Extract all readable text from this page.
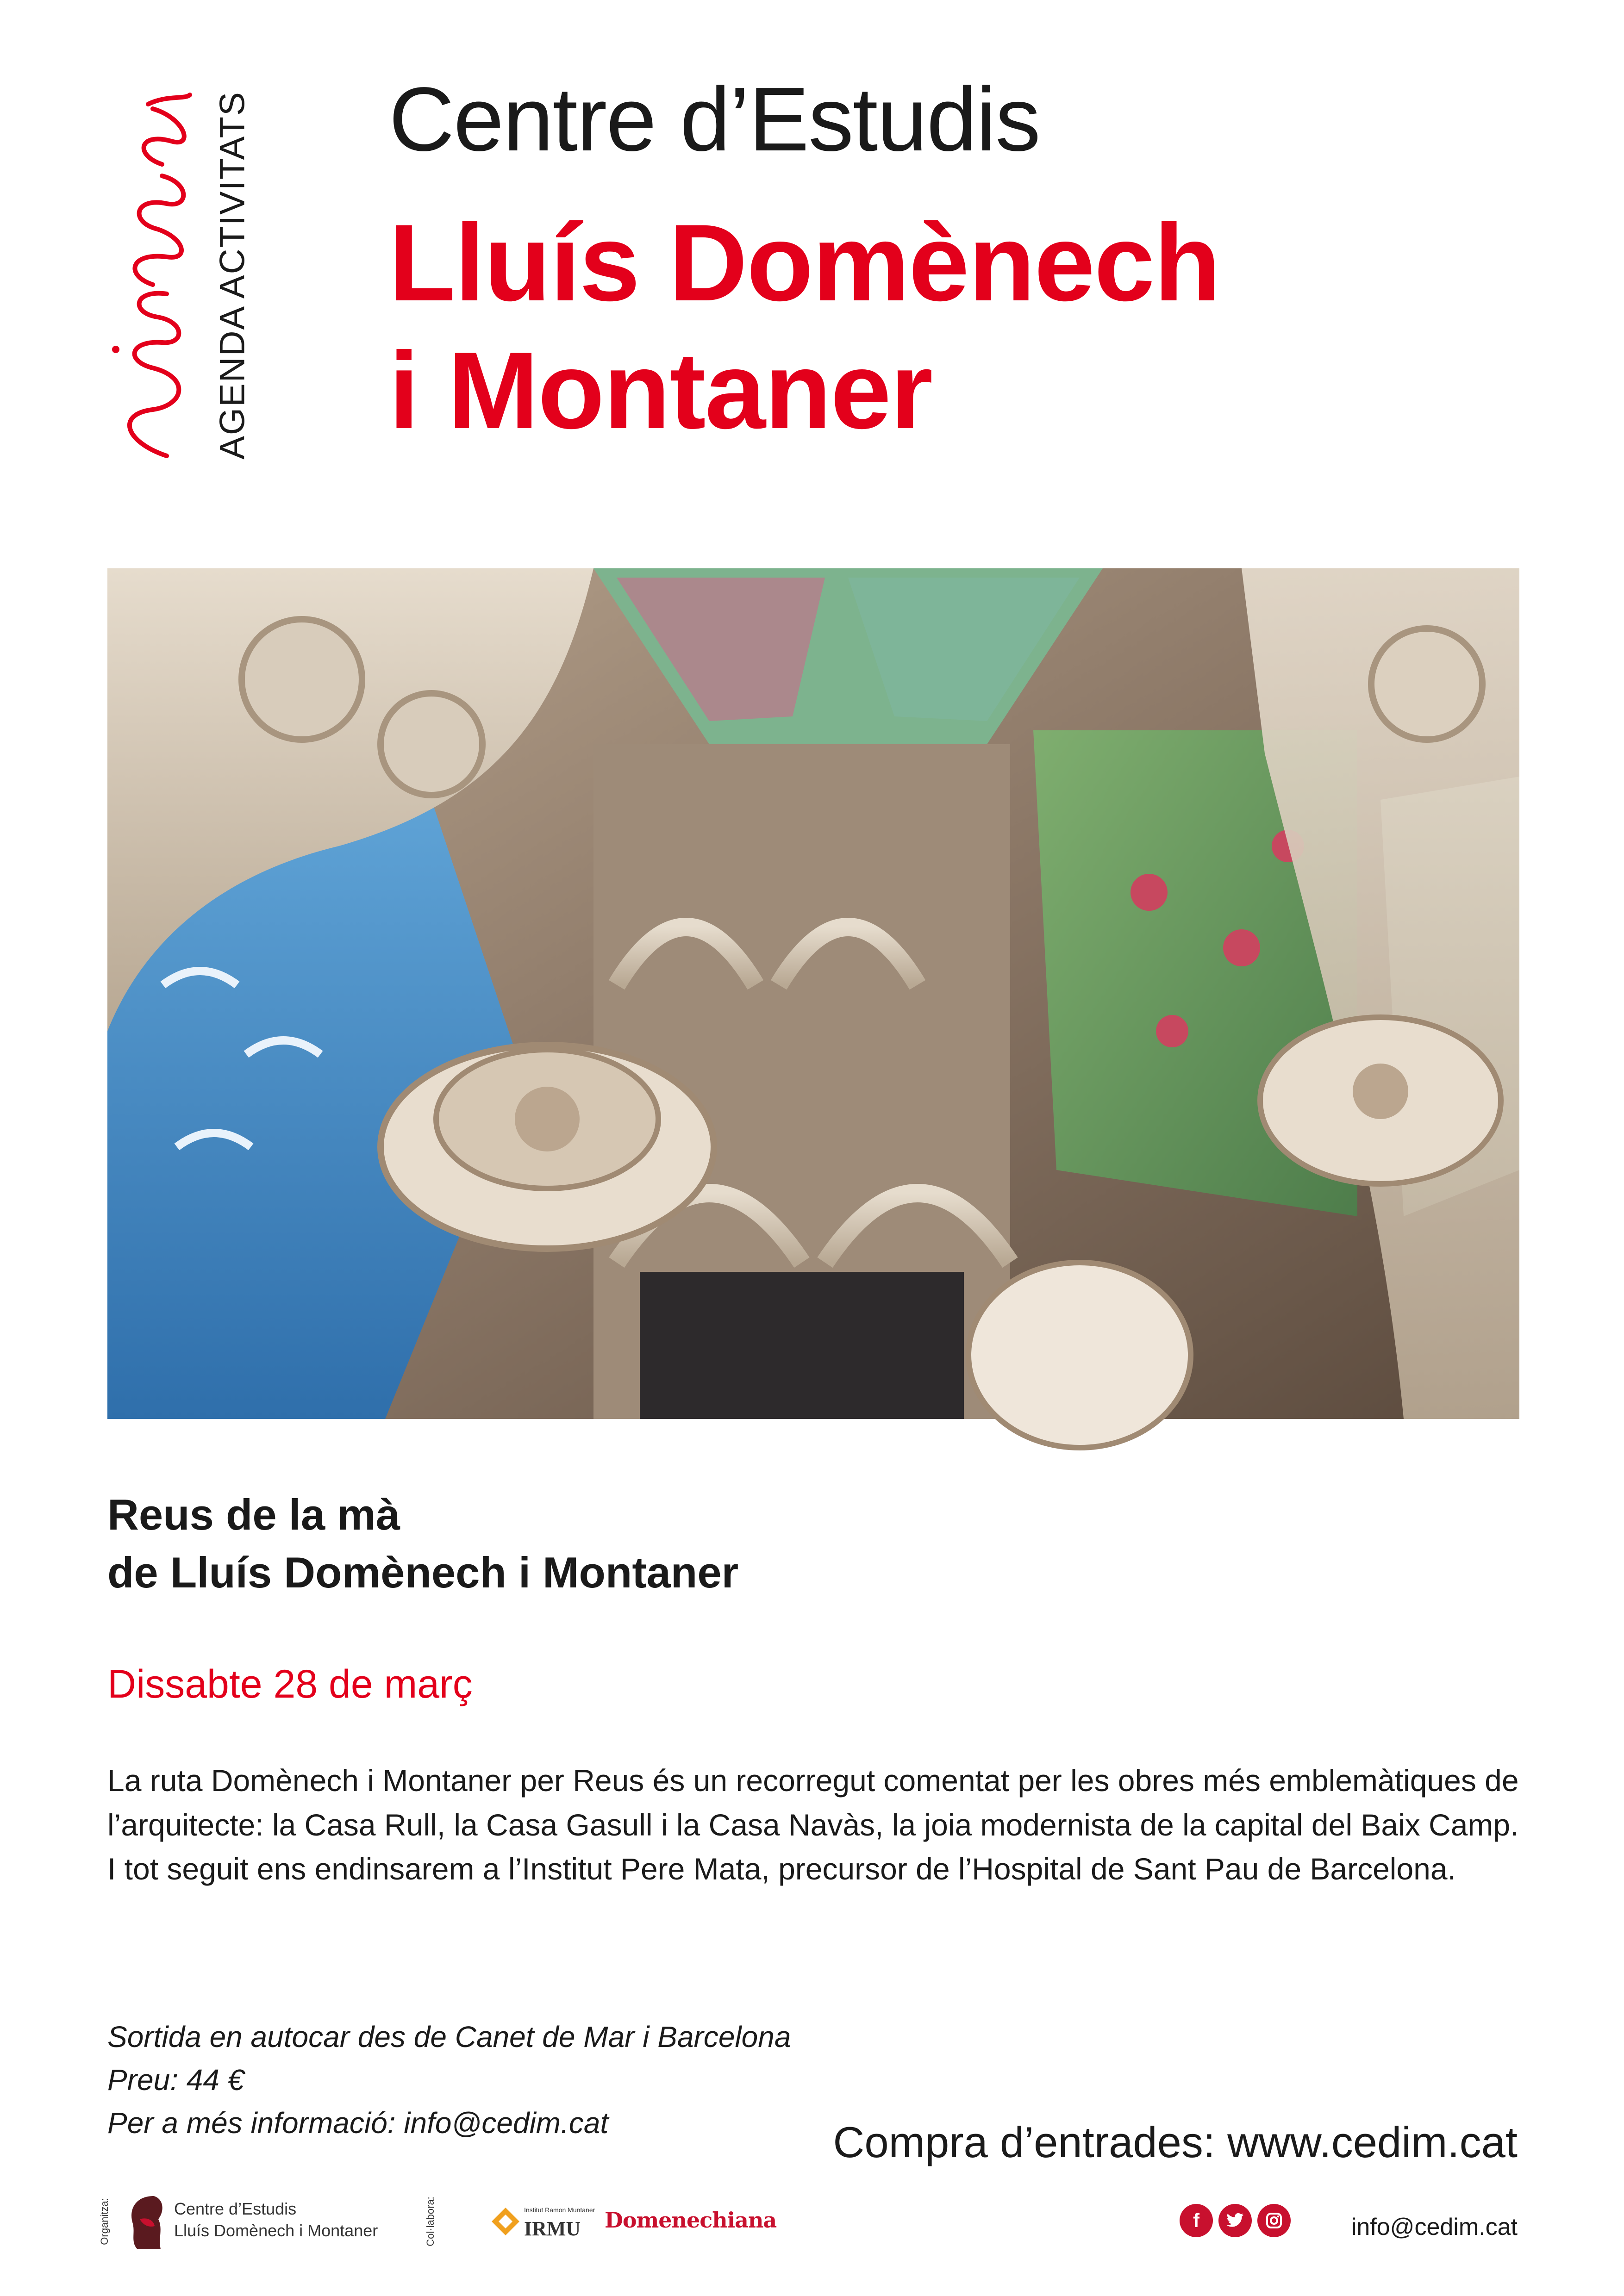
AGENDA ACTIVITATS Centre d’Estudis
Lluís Domènech
i Montaner
Reus de la mà
de Lluís Domènech i Montaner
Dissabte 28 de març

La ruta Domènech i Montaner per Reus és un recorregut comentat per les obres més emblemàtiques de l’arquitecte: la Casa Rull, la Casa Gasull i la Casa Navàs, la joia modernista de la capital del Baix Camp.

I tot seguit ens endinsarem a l’Institut Pere Mata, precursor de l’Hospital de Sant Pau de Barcelona.

Sortida en autocar des de Canet de Mar i Barcelona

Preu: 44 €

Per a més informació: info@cedim.cat	Compra d’entrades: www.cedim.cat
Organitza:	Centre d’Estudis
Lluís Domènech i Montaner	Col·labora:	Institut Ramon Muntaner
IRMU Domenechiana	f	info@cedim.cat
